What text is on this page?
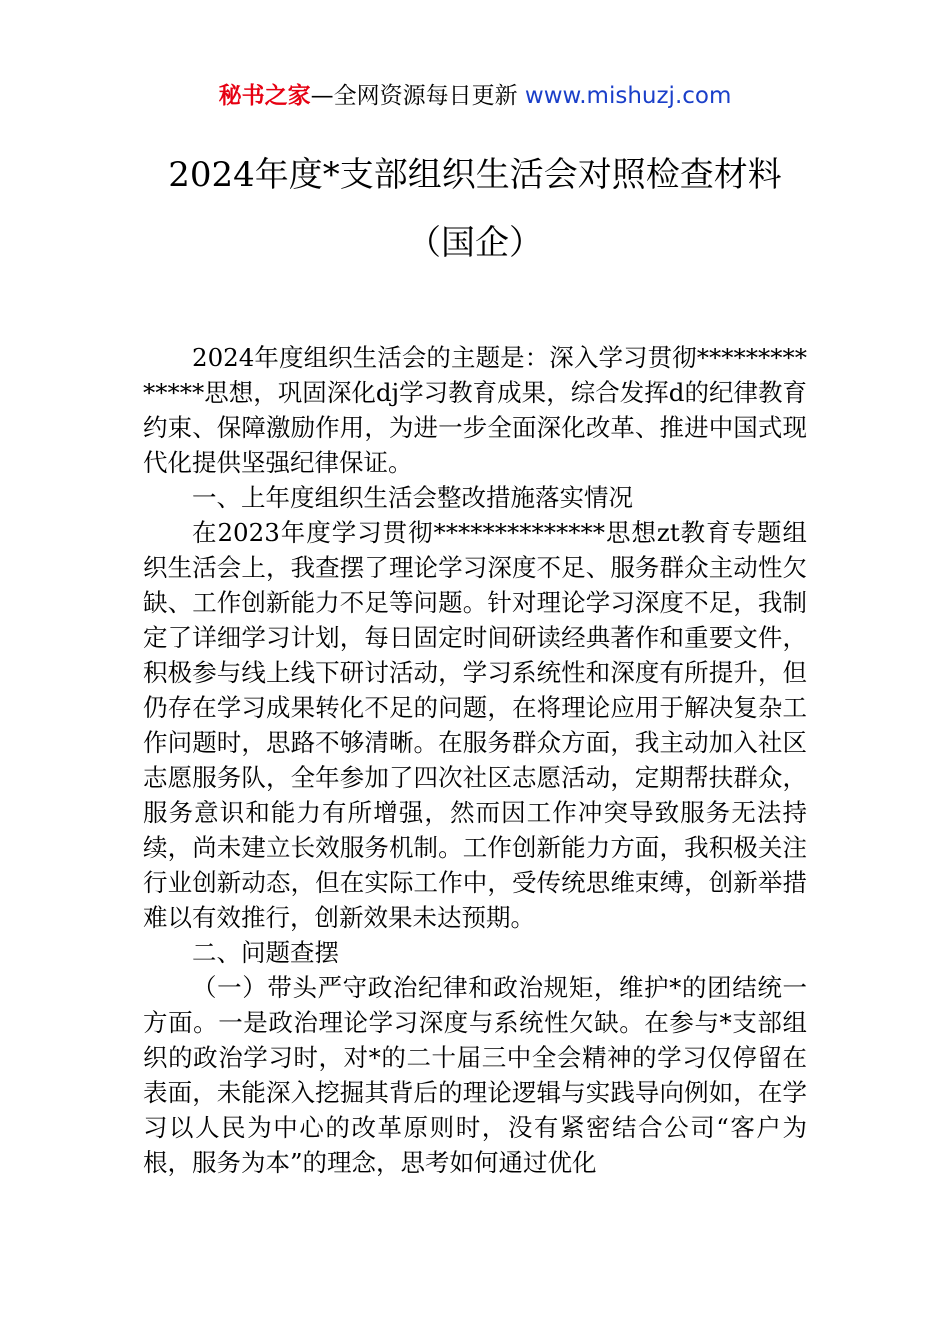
秘书之家—全网资源每日更新 www.mishuzj.com
2024年度*支部组织生活会对照检查材料
（国企）

2024年度组织生活会的主题是：深入学习贯彻**************思想，巩固深化dj学习教育成果，综合发挥d的纪律教育约束、保障激励作用，为进一步全面深化改革、推进中国式现代化提供坚强纪律保证。

一、上年度组织生活会整改措施落实情况

在2023年度学习贯彻**************思想zt教育专题组织生活会上，我查摆了理论学习深度不足、服务群众主动性欠缺、工作创新能力不足等问题。针对理论学习深度不足，我制定了详细学习计划，每日固定时间研读经典著作和重要文件，积极参与线上线下研讨活动，学习系统性和深度有所提升，但仍存在学习成果转化不足的问题，在将理论应用于解决复杂工作问题时，思路不够清晰。在服务群众方面，我主动加入社区志愿服务队，全年参加了四次社区志愿活动，定期帮扶群众，服务意识和能力有所增强，然而因工作冲突导致服务无法持续，尚未建立长效服务机制。工作创新能力方面，我积极关注行业创新动态，但在实际工作中，受传统思维束缚，创新举措难以有效推行，创新效果未达预期。

二、问题查摆

（一）带头严守政治纪律和政治规矩，维护*的团结统一方面。一是政治理论学习深度与系统性欠缺。在参与*支部组织的政治学习时，对*的二十届三中全会精神的学习仅停留在表面，未能深入挖掘其背后的理论逻辑与实践导向例如，在学习以人民为中心的改革原则时，没有紧密结合公司“客户为根，服务为本”的理念，思考如何通过优化
